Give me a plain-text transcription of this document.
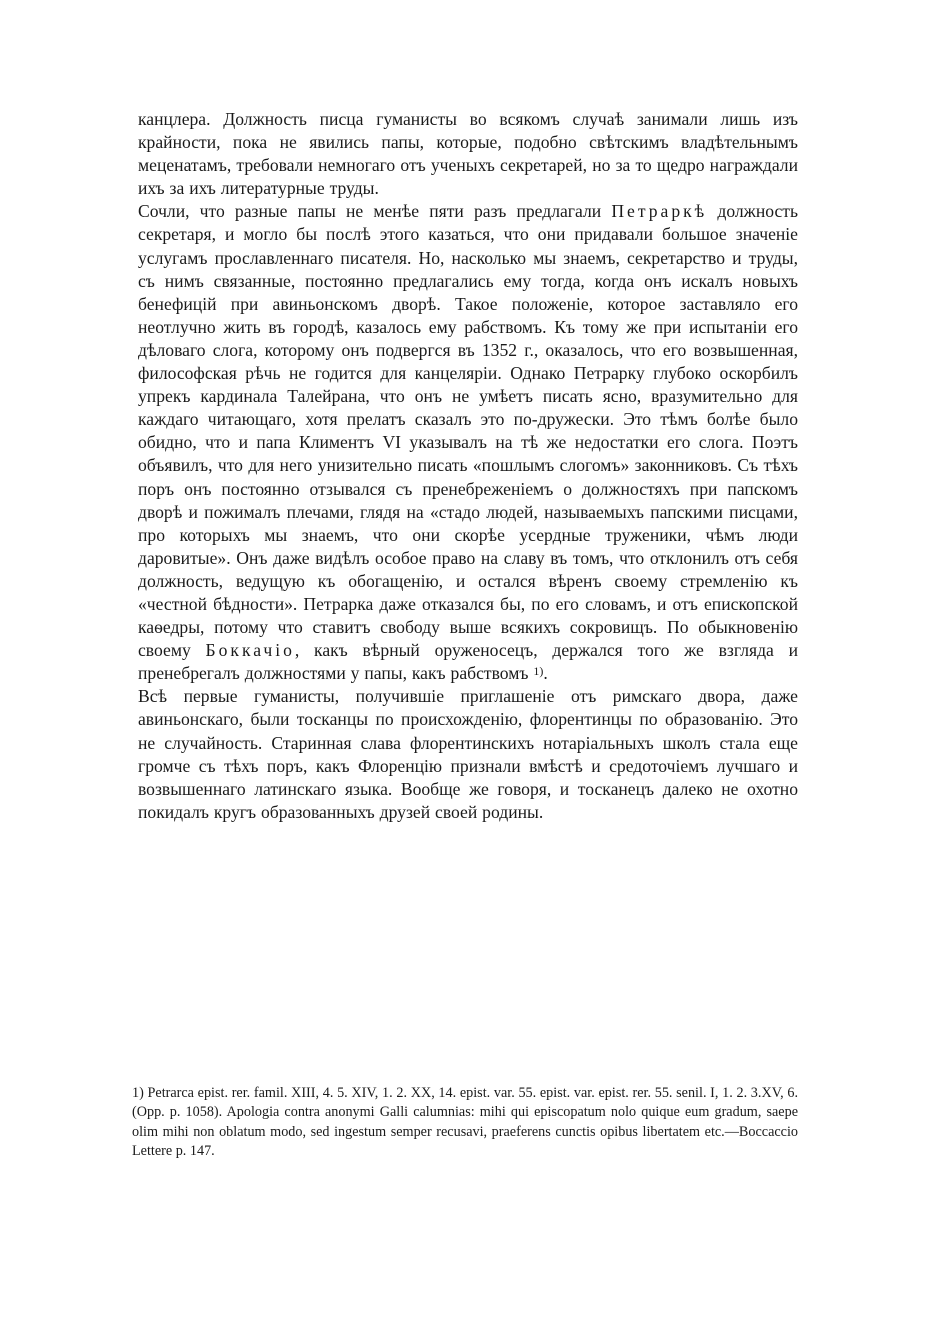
канцлера. Должность писца гуманисты во всякомъ случаѣ занимали лишь изъ крайности, пока не явились папы, которые, подобно свѣтскимъ владѣтельнымъ меценатамъ, требовали немногаго отъ ученыхъ секретарей, но за то щедро награждали ихъ за ихъ литературные труды.

Сочли, что разные папы не менѣе пяти разъ предлагали Петраркѣ должность секретаря, и могло бы послѣ этого казаться, что они придавали большое значеніе услугамъ прославленнаго писателя. Но, насколько мы знаемъ, секретарство и труды, съ нимъ связанные, постоянно предлагались ему тогда, когда онъ искалъ новыхъ бенефицій при авиньонскомъ дворѣ. Такое положеніе, которое заставляло его неотлучно жить въ городѣ, казалось ему рабствомъ. Къ тому же при испытаніи его дѣловаго слога, которому онъ подвергся въ 1352 г., оказалось, что его возвышенная, философская рѣчь не годится для канцеляріи. Однако Петрарку глубоко оскорбилъ упрекъ кардинала Талейрана, что онъ не умѣетъ писать ясно, вразумительно для каждаго читающаго, хотя прелатъ сказалъ это по-дружески. Это тѣмъ болѣе было обидно, что и папа Климентъ VI указывалъ на тѣ же недостатки его слога. Поэтъ объявилъ, что для него унизительно писать «пошлымъ слогомъ» законниковъ. Съ тѣхъ поръ онъ постоянно отзывался съ пренебреженіемъ о должностяхъ при папскомъ дворѣ и пожималъ плечами, глядя на «стадо людей, называемыхъ папскими писцами, про которыхъ мы знаемъ, что они скорѣе усердные труженики, чѣмъ люди даровитые». Онъ даже видѣлъ особое право на славу въ томъ, что отклонилъ отъ себя должность, ведущую къ обогащенію, и остался вѣренъ своему стремленію къ «честной бѣдности». Петрарка даже отказался бы, по его словамъ, и отъ епископской каѳедры, потому что ставитъ свободу выше всякихъ сокровищъ. По обыкновенію своему Боккачіо, какъ вѣрный оруженосецъ, держался того же взгляда и пренебрегалъ должностями у папы, какъ рабствомъ $^{1)}$.

Всѣ первые гуманисты, получившіе приглашеніе отъ римскаго двора, даже авиньонскаго, были тосканцы по происхожденію, флорентинцы по образованію. Это не случайность. Старинная слава флорентинскихъ нотаріальныхъ школъ стала еще громче съ тѣхъ поръ, какъ Флоренцію признали вмѣстѣ и средоточіемъ лучшаго и возвышеннаго латинскаго языка. Вообще же говоря, и тосканецъ далеко не охотно покидалъ кругъ образованныхъ друзей своей родины.

1) Petrarca epist. rer. famil. XIII, 4. 5. XIV, 1. 2. XX, 14. epist. var. 55. epist. var. epist. rer. 55. senil. I, 1. 2. 3.XV, 6. (Opp. p. 1058). Apologia contra anonymi Galli calumnias: mihi qui episcopatum nolo quique eum gradum, saepe olim mihi non oblatum modo, sed ingestum semper recusavi, praeferens cunctis opibus libertatem etc.—Boccaccio Lettere p. 147.
